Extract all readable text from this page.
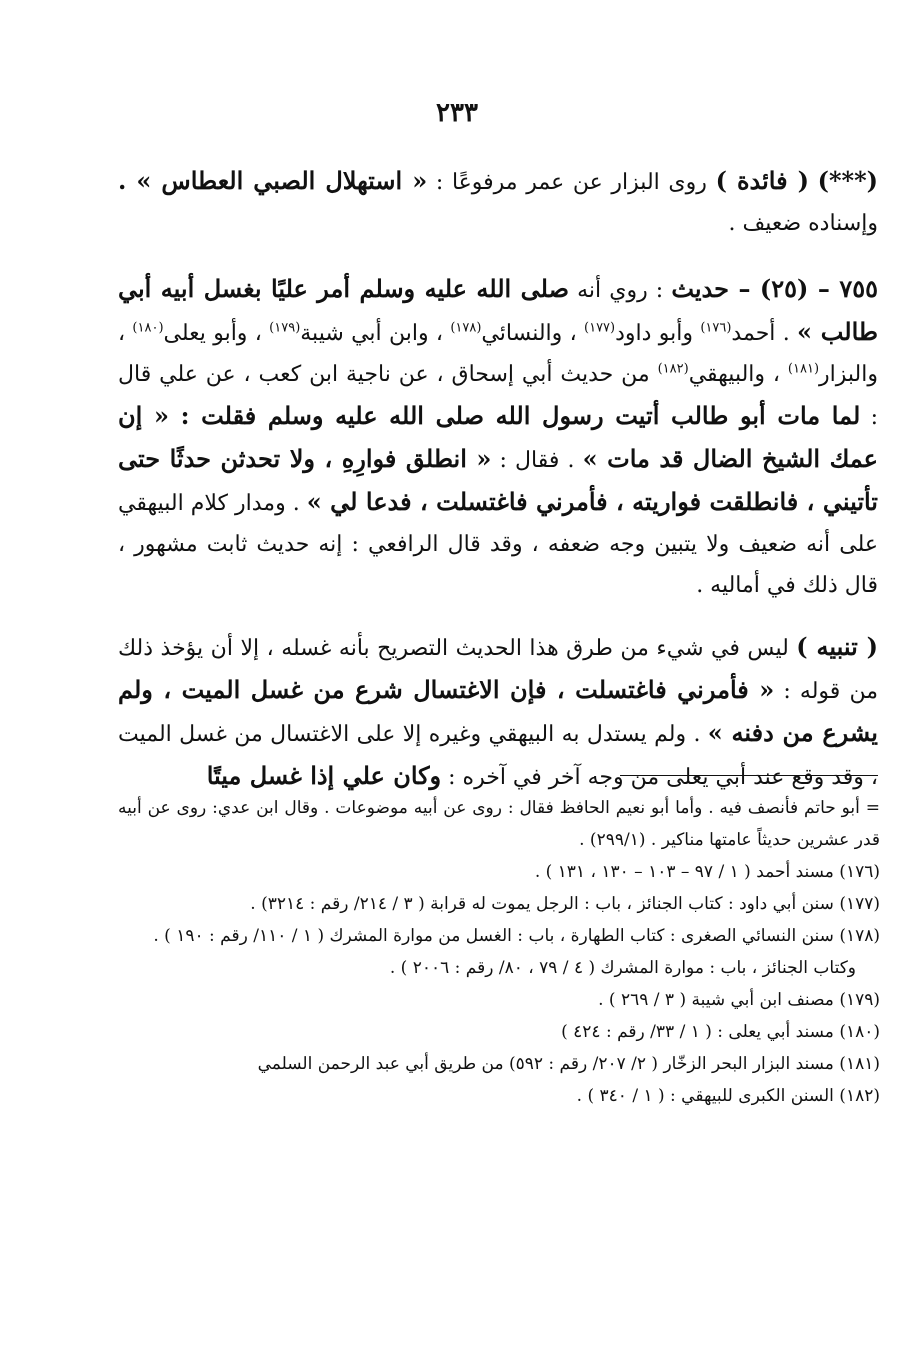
٢٣٣

(***) ( فائدة ) روى البزار عن عمر مرفوعًا : « استهلال الصبي العطاس » . وإسناده ضعيف .

٧٥٥ – (٢٥) – حديث : روي أنه صلى الله عليه وسلم أمر عليًا بغسل أبيه أبي طالب » . أحمد$^{(١٧٦)}$ وأبو داود$^{(١٧٧)}$ ، والنسائي$^{(١٧٨)}$ ، وابن أبي شيبة$^{(١٧٩)}$ ، وأبو يعلى$^{(١٨٠)}$ ، والبزار$^{(١٨١)}$ ، والبيهقي$^{(١٨٢)}$ من حديث أبي إسحاق ، عن ناجية ابن كعب ، عن علي قال : لما مات أبو طالب أتيت رسول الله صلى الله عليه وسلم فقلت : « إن عمك الشيخ الضال قد مات » . فقال : « انطلق فوارِهِ ، ولا تحدثن حدثًا حتى تأتيني ، فانطلقت فواريته ، فأمرني فاغتسلت ، فدعا لي » . ومدار كلام البيهقي على أنه ضعيف ولا يتبين وجه ضعفه ، وقد قال الرافعي : إنه حديث ثابت مشهور ، قال ذلك في أماليه .

( تنبيه ) ليس في شيء من طرق هذا الحديث التصريح بأنه غسله ، إلا أن يؤخذ ذلك من قوله : « فأمرني فاغتسلت ، فإن الاغتسال شرع من غسل الميت ، ولم يشرع من دفنه » . ولم يستدل به البيهقي وغيره إلا على الاغتسال من غسل الميت ، وقد وقع عند أبي يعلى من وجه آخر في آخره : وكان علي إذا غسل ميتًا

= أبو حاتم فأنصف فيه . وأما أبو نعيم الحافظ فقال : روى عن أبيه موضوعات . وقال ابن عدي: روى عن أبيه قدر عشرين حديثاً عامتها مناكير . (٢٩٩/١) .

(١٧٦) مسند أحمد ( ١ / ٩٧ – ١٠٣ – ١٣٠ ، ١٣١ ) .

(١٧٧) سنن أبي داود : كتاب الجنائز ، باب : الرجل يموت له قرابة ( ٣ / ٢١٤/ رقم : ٣٢١٤) .

(١٧٨) سنن النسائي الصغرى : كتاب الطهارة ، باب : الغسل من موارة المشرك ( ١ / ١١٠/ رقم : ١٩٠ ) .

وكتاب الجنائز ، باب : موارة المشرك ( ٤ / ٧٩ ، ٨٠/ رقم : ٢٠٠٦ ) .

(١٧٩) مصنف ابن أبي شيبة ( ٣ / ٢٦٩ ) .

(١٨٠) مسند أبي يعلى : ( ١ / ٣٣/ رقم : ٤٢٤ )

(١٨١) مسند البزار البحر الزخّار ( ٢/ ٢٠٧/ رقم : ٥٩٢) من طريق أبي عبد الرحمن السلمي

(١٨٢) السنن الكبرى للبيهقي : ( ١ / ٣٤٠ ) .
